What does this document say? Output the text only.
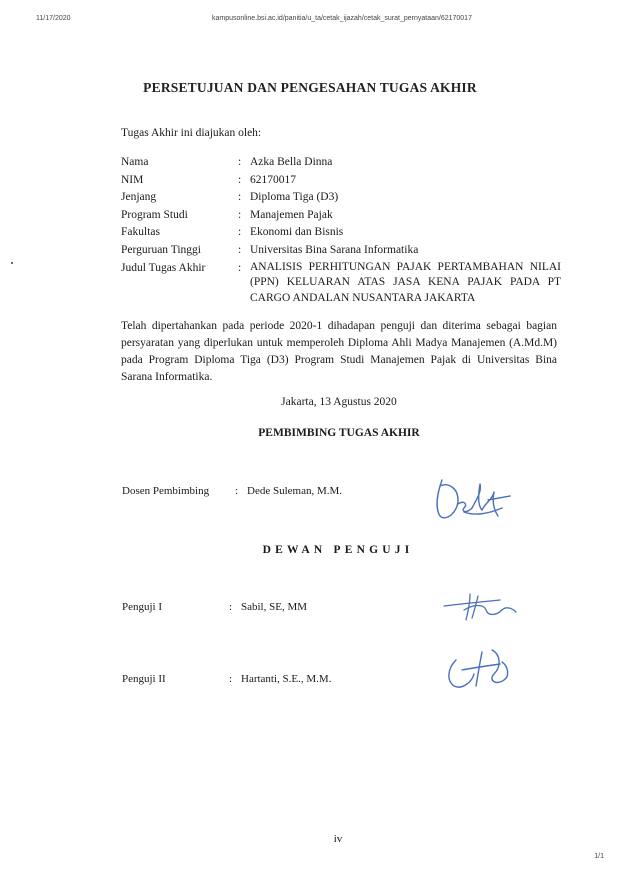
11/17/2020	kampusonline.bsi.ac.id/panitia/u_ta/cetak_ijazah/cetak_surat_pernyataan/62170017
PERSETUJUAN DAN PENGESAHAN TUGAS AKHIR
Tugas Akhir ini diajukan oleh:
Nama	:	Azka Bella Dinna
NIM	:	62170017
Jenjang	:	Diploma Tiga (D3)
Program Studi	:	Manajemen Pajak
Fakultas	:	Ekonomi dan Bisnis
Perguruan Tinggi	:	Universitas Bina Sarana Informatika
Judul Tugas Akhir	:	ANALISIS PERHITUNGAN PAJAK PERTAMBAHAN NILAI (PPN) KELUARAN ATAS JASA KENA PAJAK PADA PT CARGO ANDALAN NUSANTARA JAKARTA

Telah dipertahankan pada periode 2020-1 dihadapan penguji dan diterima sebagai bagian persyaratan yang diperlukan untuk memperoleh Diploma Ahli Madya Manajemen (A.Md.M) pada Program Diploma Tiga (D3) Program Studi Manajemen Pajak di Universitas Bina Sarana Informatika.

Jakarta, 13 Agustus 2020
PEMBIMBING TUGAS AKHIR
Dosen Pembimbing : Dede Suleman, M.M.
DEWAN PENGUJI
Penguji I	: Sabil, SE, MM
Penguji II	: Hartanti, S.E., M.M.
iv
1/1
